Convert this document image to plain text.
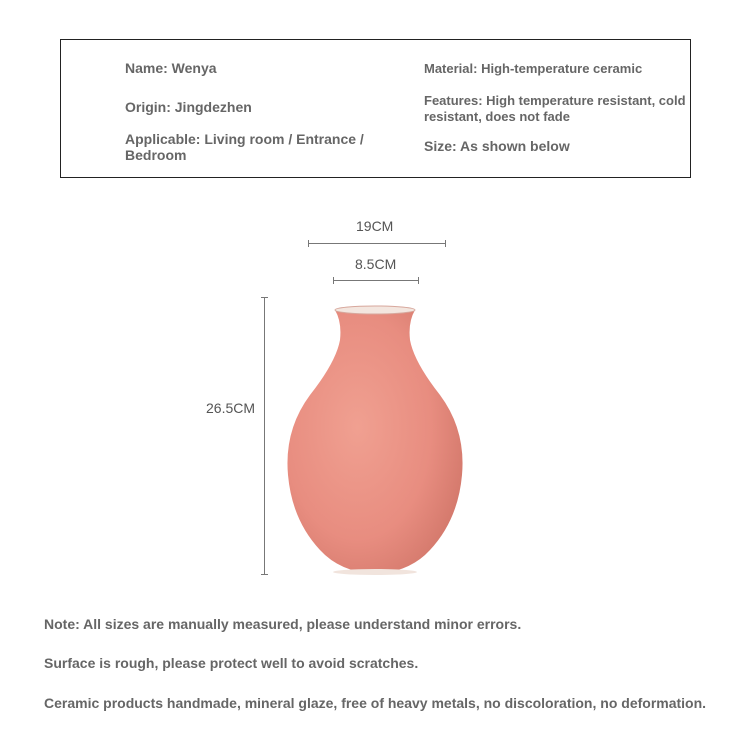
Name: Wenya
Origin: Jingdezhen
Applicable: Living room / Entrance / Bedroom
Material: High-temperature ceramic
Features: High temperature resistant, cold resistant, does not fade
Size: As shown below
19CM
8.5CM
26.5CM
Note: All sizes are manually measured, please understand minor errors.
Surface is rough, please protect well to avoid scratches.
Ceramic products handmade, mineral glaze, free of heavy metals, no discoloration, no deformation.
